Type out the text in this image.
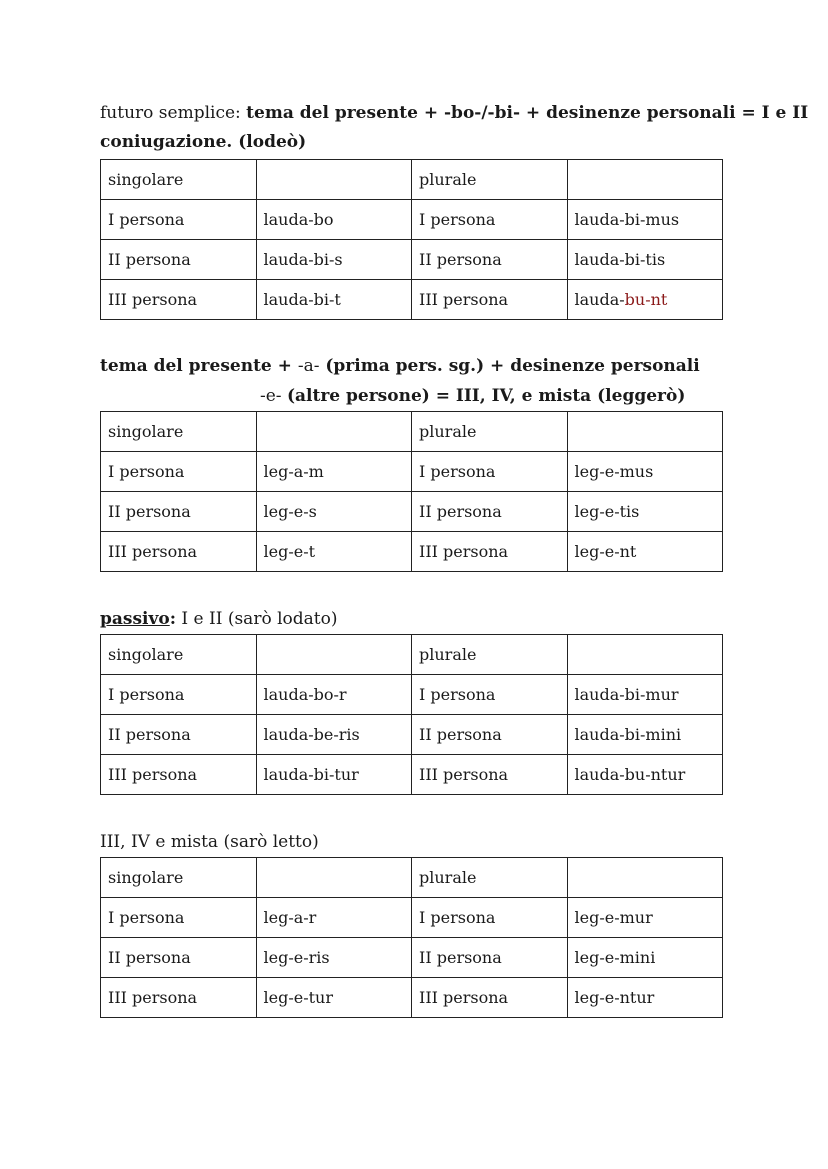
futuro semplice: tema del presente + -bo-/-bi- + desinenze personali = I e II
coniugazione. (lodeò)
singolare		plurale	
I persona	lauda-bo	I persona	lauda-bi-mus
II persona	lauda-bi-s	II persona	lauda-bi-tis
III persona	lauda-bi-t	III persona	lauda-bu-nt
tema del presente + -a- (prima pers. sg.) + desinenze personali
-e- (altre persone) = III, IV, e mista (leggerò)
singolare		plurale	
I persona	leg-a-m	I persona	leg-e-mus
II persona	leg-e-s	II persona	leg-e-tis
III persona	leg-e-t	III persona	leg-e-nt
passivo: I e II (sarò lodato)
singolare		plurale	
I persona	lauda-bo-r	I persona	lauda-bi-mur
II persona	lauda-be-ris	II persona	lauda-bi-mini
III persona	lauda-bi-tur	III persona	lauda-bu-ntur
III, IV e mista (sarò letto)
singolare		plurale	
I persona	leg-a-r	I persona	leg-e-mur
II persona	leg-e-ris	II persona	leg-e-mini
III persona	leg-e-tur	III persona	leg-e-ntur
